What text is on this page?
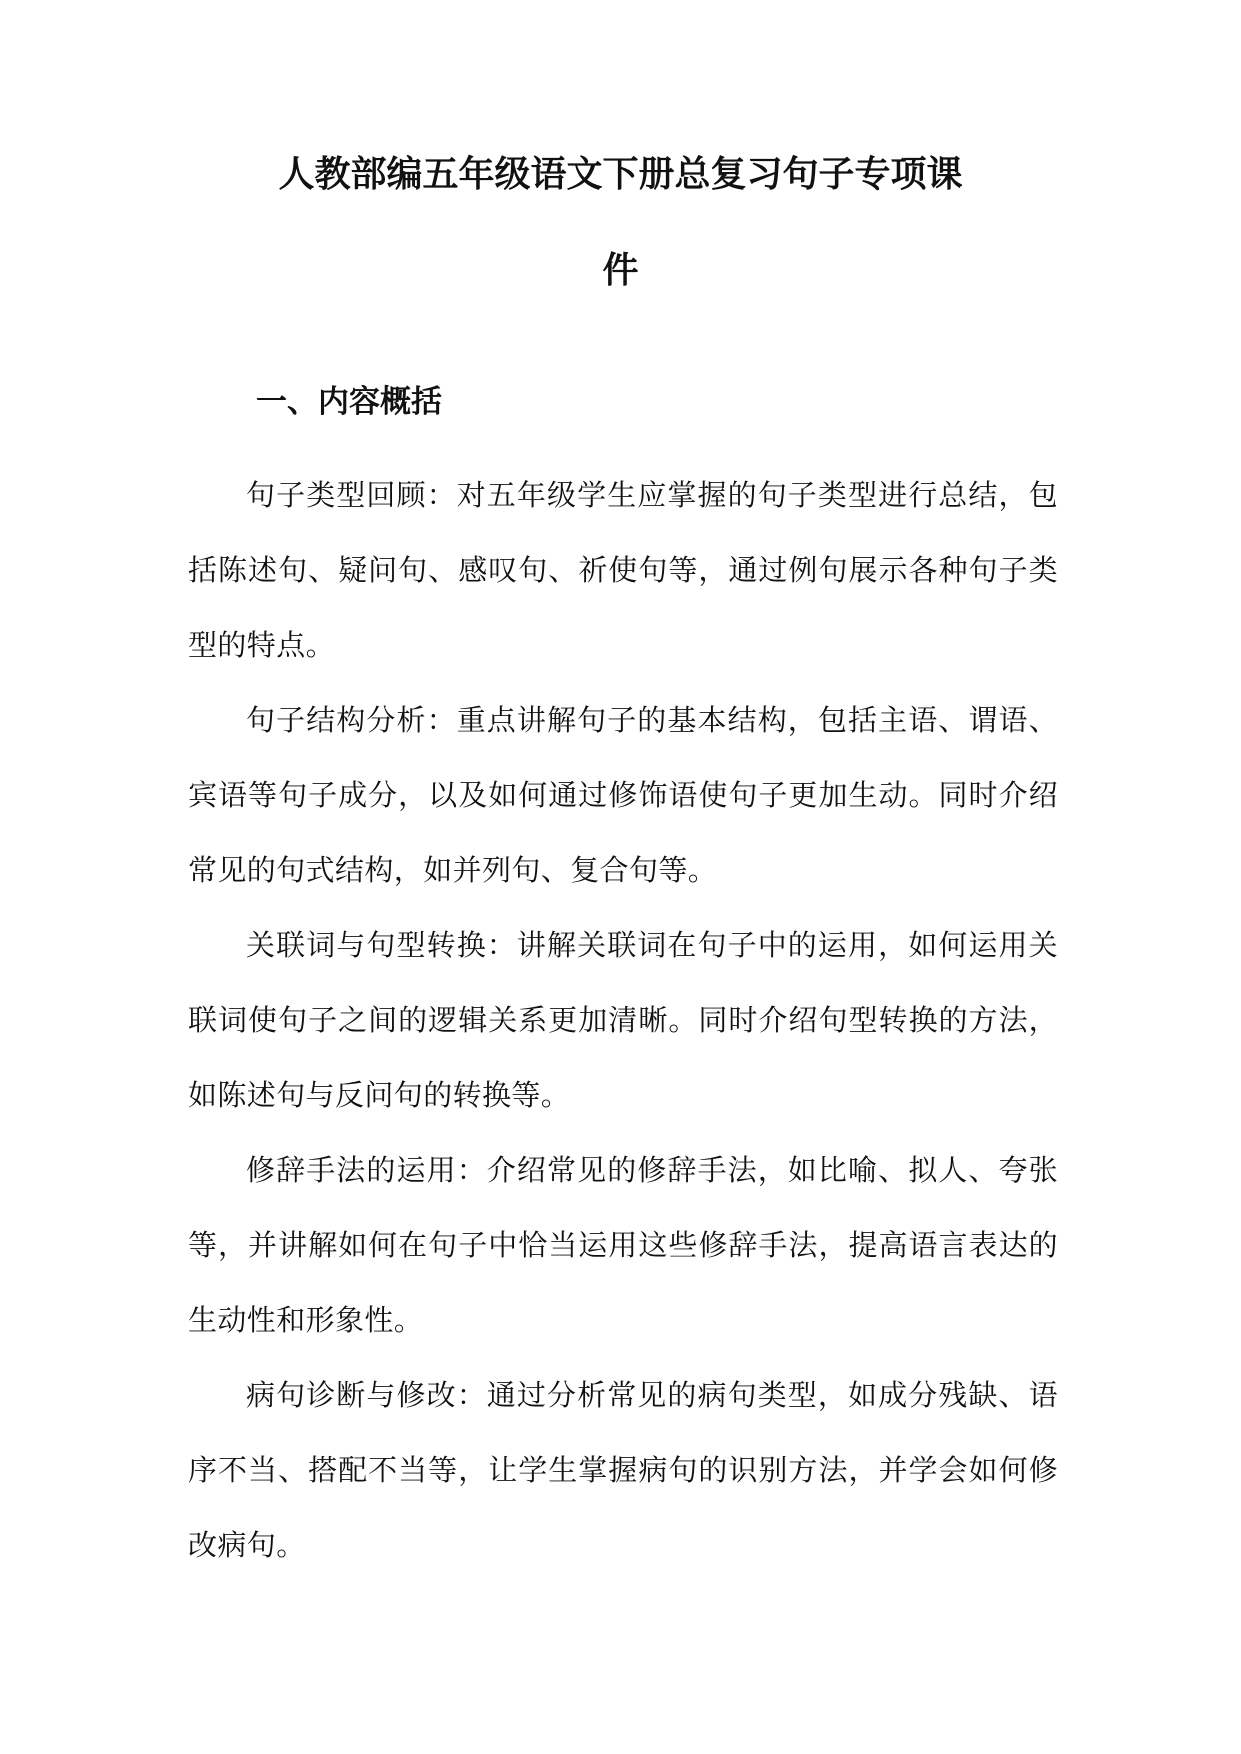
人教部编五年级语文下册总复习句子专项课
件
一、内容概括

句子类型回顾：对五年级学生应掌握的句子类型进行总结，包括陈述句、疑问句、感叹句、祈使句等，通过例句展示各种句子类型的特点。

句子结构分析：重点讲解句子的基本结构，包括主语、谓语、宾语等句子成分，以及如何通过修饰语使句子更加生动。同时介绍常见的句式结构，如并列句、复合句等。

关联词与句型转换：讲解关联词在句子中的运用，如何运用关联词使句子之间的逻辑关系更加清晰。同时介绍句型转换的方法，如陈述句与反问句的转换等。

修辞手法的运用：介绍常见的修辞手法，如比喻、拟人、夸张等，并讲解如何在句子中恰当运用这些修辞手法，提高语言表达的生动性和形象性。

病句诊断与修改：通过分析常见的病句类型，如成分残缺、语序不当、搭配不当等，让学生掌握病句的识别方法，并学会如何修改病句。
